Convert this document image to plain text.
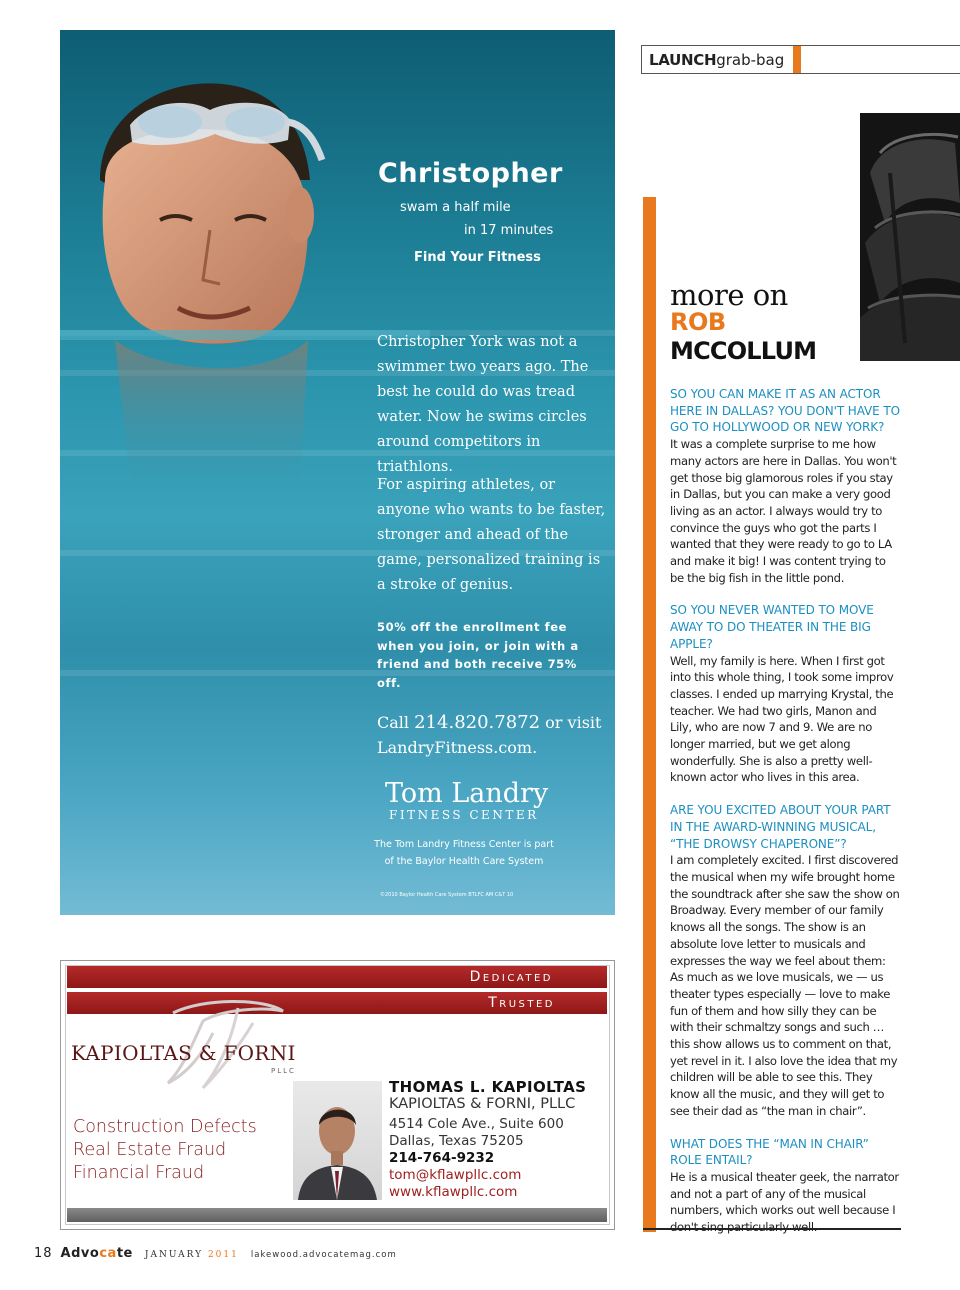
Christopher
swam a half mile
in 17 minutes
Find Your Fitness
Christopher York was not a swimmer two years ago. The best he could do was tread water. Now he swims circles around competitors in triathlons.
For aspiring athletes, or anyone who wants to be faster, stronger and ahead of the game, personalized training is a stroke of genius.
50% off the enrollment fee when you join, or join with a friend and both receive 75% off.
Call 214.820.7872 or visit
LandryFitness.com.
Tom Landry
FITNESS CENTER
The Tom Landry Fitness Center is part of the Baylor Health Care System
©2010 Baylor Health Care System BTLFC AM C&T 10
Dedicated
Trusted
KAPIOLTAS & FORNI
PLLC
Construction Defects
Real Estate Fraud
Financial Fraud
THOMAS L. KAPIOLTAS
KAPIOLTAS & FORNI, PLLC
4514 Cole Ave., Suite 600
Dallas, Texas 75205
214-764-9232
tom@kflawpllc.com
www.kflawpllc.com
18 Advocate JANUARY 2011 lakewood.advocatemag.com
LAUNCHgrab-bag
more on
ROB
MCCOLLUM
SO YOU CAN MAKE IT AS AN ACTOR HERE IN DALLAS? YOU DON'T HAVE TO GO TO HOLLYWOOD OR NEW YORK?
It was a complete surprise to me how many actors are here in Dallas. You won't get those big glamorous roles if you stay in Dallas, but you can make a very good living as an actor. I always would try to convince the guys who got the parts I wanted that they were ready to go to LA and make it big! I was content trying to be the big fish in the little pond.
SO YOU NEVER WANTED TO MOVE AWAY TO DO THEATER IN THE BIG APPLE?
Well, my family is here. When I first got into this whole thing, I took some improv classes. I ended up marrying Krystal, the teacher. We had two girls, Manon and Lily, who are now 7 and 9. We are no longer married, but we get along wonderfully. She is also a pretty well-known actor who lives in this area.
ARE YOU EXCITED ABOUT YOUR PART IN THE AWARD-WINNING MUSICAL, “THE DROWSY CHAPERONE”?
I am completely excited. I first discovered the musical when my wife brought home the soundtrack after she saw the show on Broadway. Every member of our family knows all the songs. The show is an absolute love letter to musicals and expresses the way we feel about them: As much as we love musicals, we — us theater types especially — love to make fun of them and how silly they can be with their schmaltzy songs and such … this show allows us to comment on that, yet revel in it. I also love the idea that my children will be able to see this. They know all the music, and they will get to see their dad as “the man in chair”.
WHAT DOES THE “MAN IN CHAIR” ROLE ENTAIL?
He is a musical theater geek, the narrator and not a part of any of the musical numbers, which works out well because I
